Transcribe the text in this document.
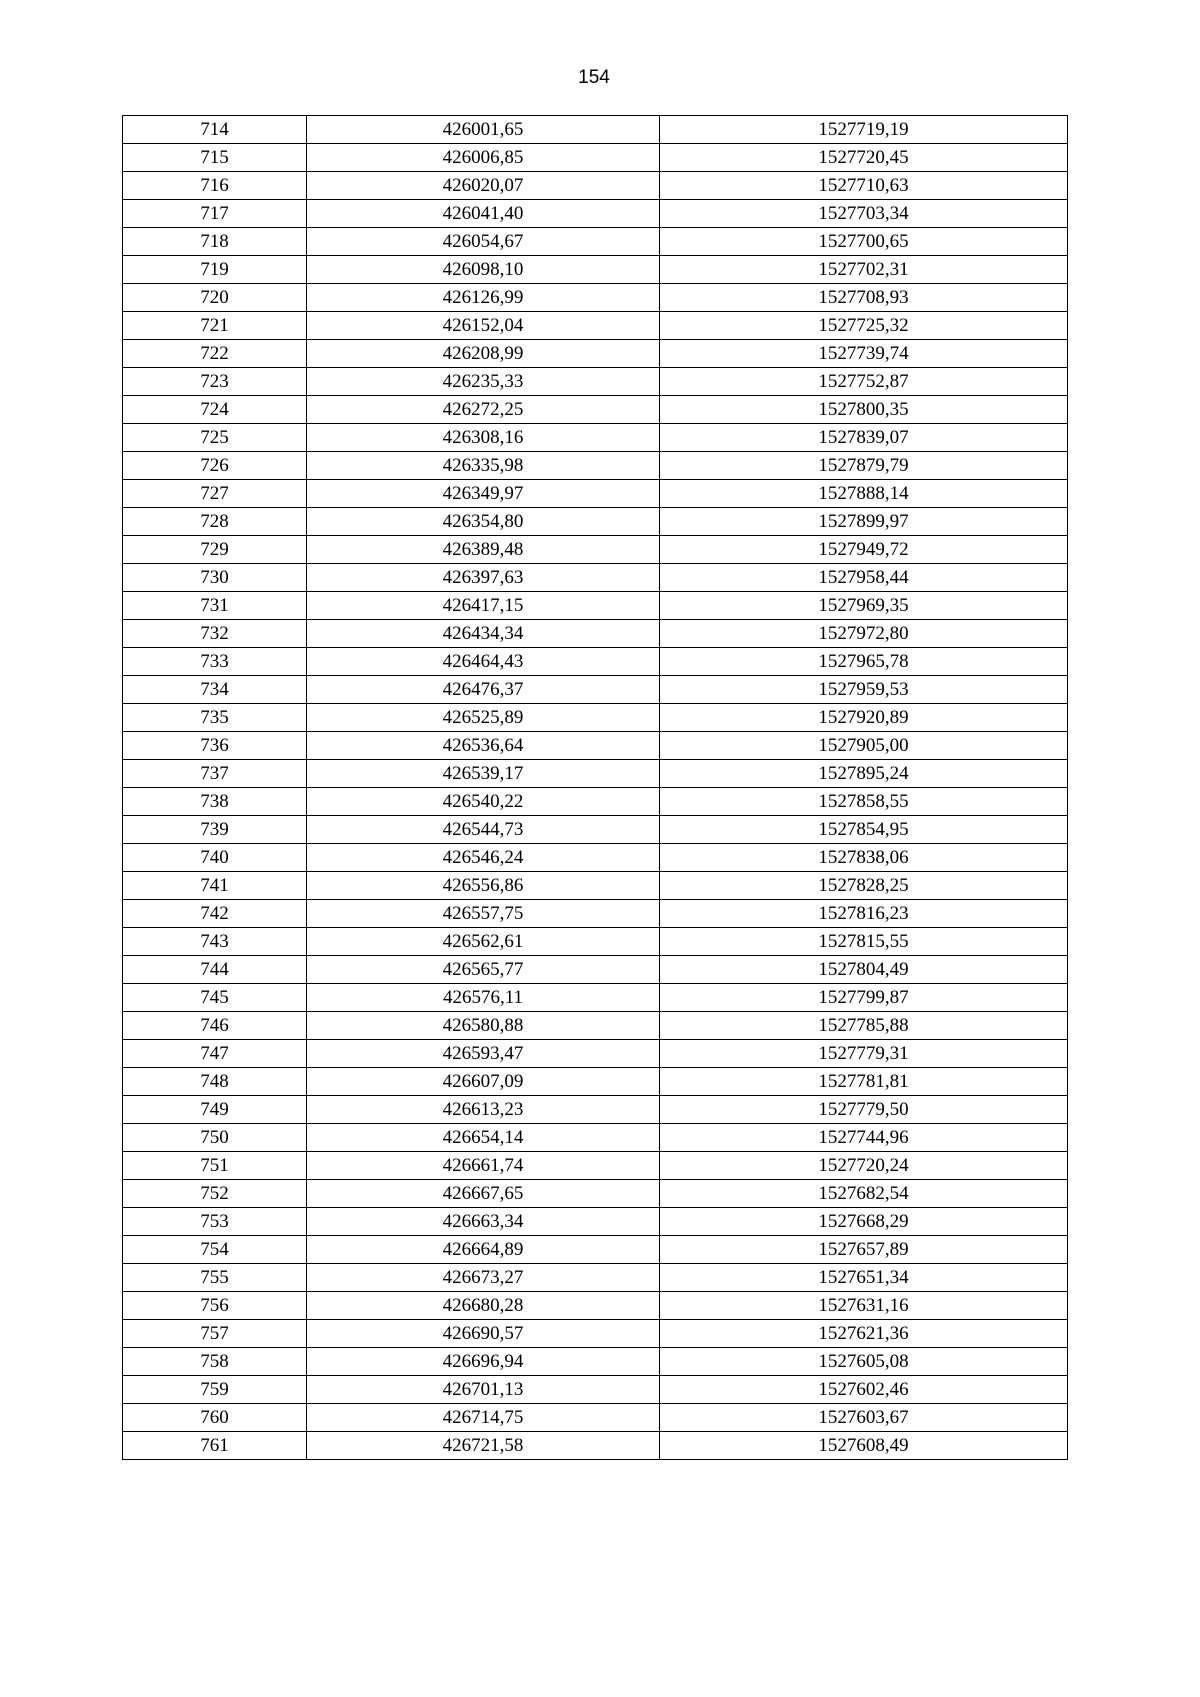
154
714	426001,65	1527719,19
715	426006,85	1527720,45
716	426020,07	1527710,63
717	426041,40	1527703,34
718	426054,67	1527700,65
719	426098,10	1527702,31
720	426126,99	1527708,93
721	426152,04	1527725,32
722	426208,99	1527739,74
723	426235,33	1527752,87
724	426272,25	1527800,35
725	426308,16	1527839,07
726	426335,98	1527879,79
727	426349,97	1527888,14
728	426354,80	1527899,97
729	426389,48	1527949,72
730	426397,63	1527958,44
731	426417,15	1527969,35
732	426434,34	1527972,80
733	426464,43	1527965,78
734	426476,37	1527959,53
735	426525,89	1527920,89
736	426536,64	1527905,00
737	426539,17	1527895,24
738	426540,22	1527858,55
739	426544,73	1527854,95
740	426546,24	1527838,06
741	426556,86	1527828,25
742	426557,75	1527816,23
743	426562,61	1527815,55
744	426565,77	1527804,49
745	426576,11	1527799,87
746	426580,88	1527785,88
747	426593,47	1527779,31
748	426607,09	1527781,81
749	426613,23	1527779,50
750	426654,14	1527744,96
751	426661,74	1527720,24
752	426667,65	1527682,54
753	426663,34	1527668,29
754	426664,89	1527657,89
755	426673,27	1527651,34
756	426680,28	1527631,16
757	426690,57	1527621,36
758	426696,94	1527605,08
759	426701,13	1527602,46
760	426714,75	1527603,67
761	426721,58	1527608,49
